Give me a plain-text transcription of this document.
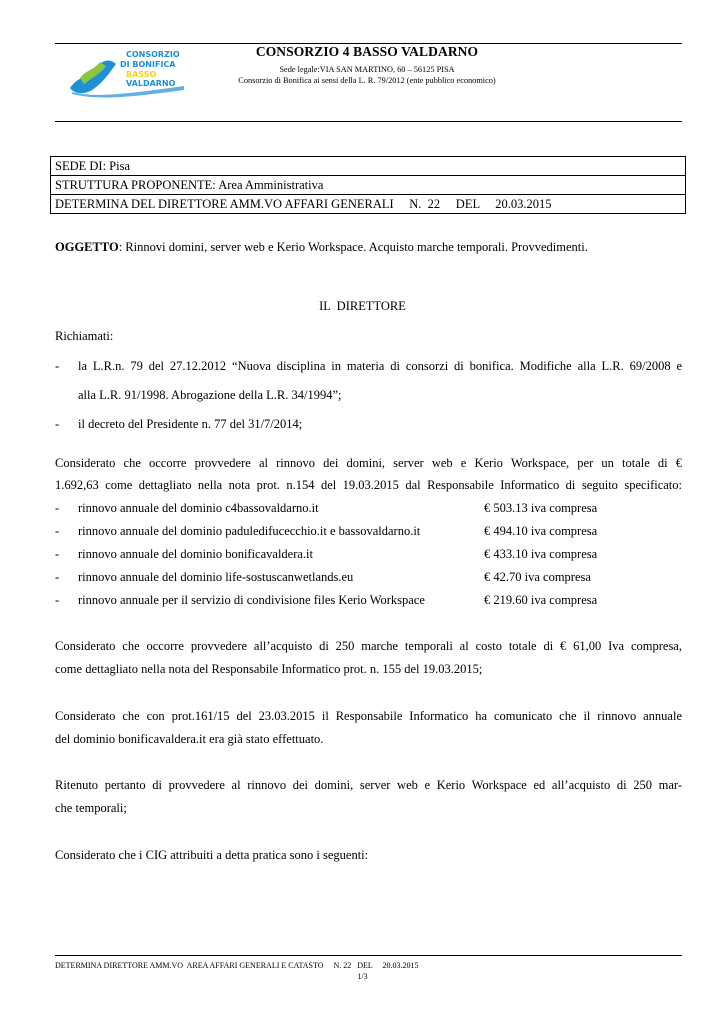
CONSORZIO
DI BONIFICA
BASSO
VALDARNO
CONSORZIO 4 BASSO VALDARNO
Sede legale:VIA SAN MARTINO, 60 – 56125 PISA
Consorzio di Bonifica ai sensi della L. R. 79/2012 (ente pubblico economico)
SEDE DI: Pisa
STRUTTURA PROPONENTE: Area Amministrativa
DETERMINA DEL DIRETTORE AMM.VO AFFARI GENERALI     N.  22     DEL     20.03.2015
OGGETTO: Rinnovi domini, server web e Kerio Workspace. Acquisto marche temporali. Provvedimenti.
IL  DIRETTORE
Richiamati:
- la L.R.n. 79 del 27.12.2012 “Nuova disciplina in materia di consorzi di bonifica. Modifiche alla L.R. 69/2008 e
alla L.R. 91/1998. Abrogazione della L.R. 34/1994”;
- il decreto del Presidente n. 77 del 31/7/2014;
Considerato che occorre provvedere al rinnovo dei domini, server web e Kerio Workspace, per un totale di €
1.692,63 come dettagliato nella nota prot. n.154 del 19.03.2015 dal Responsabile Informatico di seguito specificato:
- rinnovo annuale del dominio c4bassovaldarno.it	€ 503.13 iva compresa
- rinnovo annuale del dominio paduledifucecchio.it e bassovaldarno.it	€ 494.10 iva compresa
- rinnovo annuale del dominio bonificavaldera.it	€ 433.10 iva compresa
- rinnovo annuale del dominio life-sostuscanwetlands.eu	€ 42.70 iva compresa
- rinnovo annuale per il servizio di condivisione files Kerio Workspace	€ 219.60 iva compresa
Considerato che occorre provvedere all’acquisto di 250 marche temporali al costo totale di € 61,00 Iva compresa,
come dettagliato nella nota del Responsabile Informatico prot. n. 155 del 19.03.2015;
Considerato che con prot.161/15 del 23.03.2015 il Responsabile Informatico ha comunicato che il rinnovo annuale
del dominio bonificavaldera.it era già stato effettuato.
Ritenuto pertanto di provvedere al rinnovo dei domini, server web e Kerio Workspace ed all’acquisto di 250 mar-
che temporali;
Considerato che i CIG attribuiti a detta pratica sono i seguenti:
DETERMINA DIRETTORE AMM.VO  AREA AFFARI GENERALI E CATASTO     N. 22   DEL     20.03.2015
1/3
